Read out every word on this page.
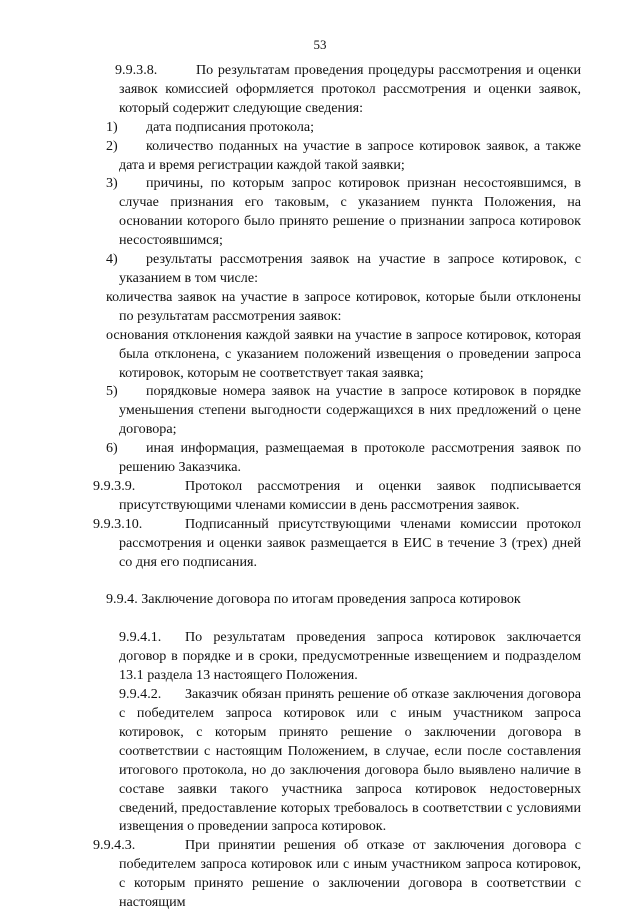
53

9.9.3.8.	По результатам проведения процедуры рассмотрения и оценки заявок комиссией оформляется протокол рассмотрения и оценки заявок, который содержит следующие сведения:

1) дата подписания протокола;

2) количество поданных на участие в запросе котировок заявок, а также дата и время регистрации каждой такой заявки;

3) причины, по которым запрос котировок признан несостоявшимся, в случае признания его таковым, с указанием пункта Положения, на основании которого было принято решение о признании запроса котировок несостоявшимся;

4) результаты рассмотрения заявок на участие в запросе котировок, с указанием в том числе:

количества заявок на участие в запросе котировок, которые были отклонены по результатам рассмотрения заявок:

основания отклонения каждой заявки на участие в запросе котировок, которая была отклонена, с указанием положений извещения о проведении запроса котировок, которым не соответствует такая заявка;

5) порядковые номера заявок на участие в запросе котировок в порядке уменьшения степени выгодности содержащихся в них предложений о цене договора;

6) иная информация, размещаемая в протоколе рассмотрения заявок по решению Заказчика.

9.9.3.9.	Протокол рассмотрения и оценки заявок подписывается присутствующими членами комиссии в день рассмотрения заявок.

9.9.3.10.	Подписанный присутствующими членами комиссии протокол рассмотрения и оценки заявок размещается в ЕИС в течение 3 (трех) дней со дня его подписания.

9.9.4. Заключение договора по итогам проведения запроса котировок

9.9.4.1. По результатам проведения запроса котировок заключается договор в порядке и в сроки, предусмотренные извещением и подразделом 13.1 раздела 13 настоящего Положения.

9.9.4.2. Заказчик обязан принять решение об отказе заключения договора с победителем запроса котировок или с иным участником запроса котировок, с которым принято решение о заключении договора в соответствии с настоящим Положением, в случае, если после составления итогового протокола, но до заключения договора было выявлено наличие в составе заявки такого участника запроса котировок недостоверных сведений, предоставление которых требовалось в соответствии с условиями извещения о проведении запроса котировок.

9.9.4.3.	При принятии решения об отказе от заключения договора с победителем запроса котировок или с иным участником запроса котировок, с которым принято решение о заключении договора в соответствии с настоящим
